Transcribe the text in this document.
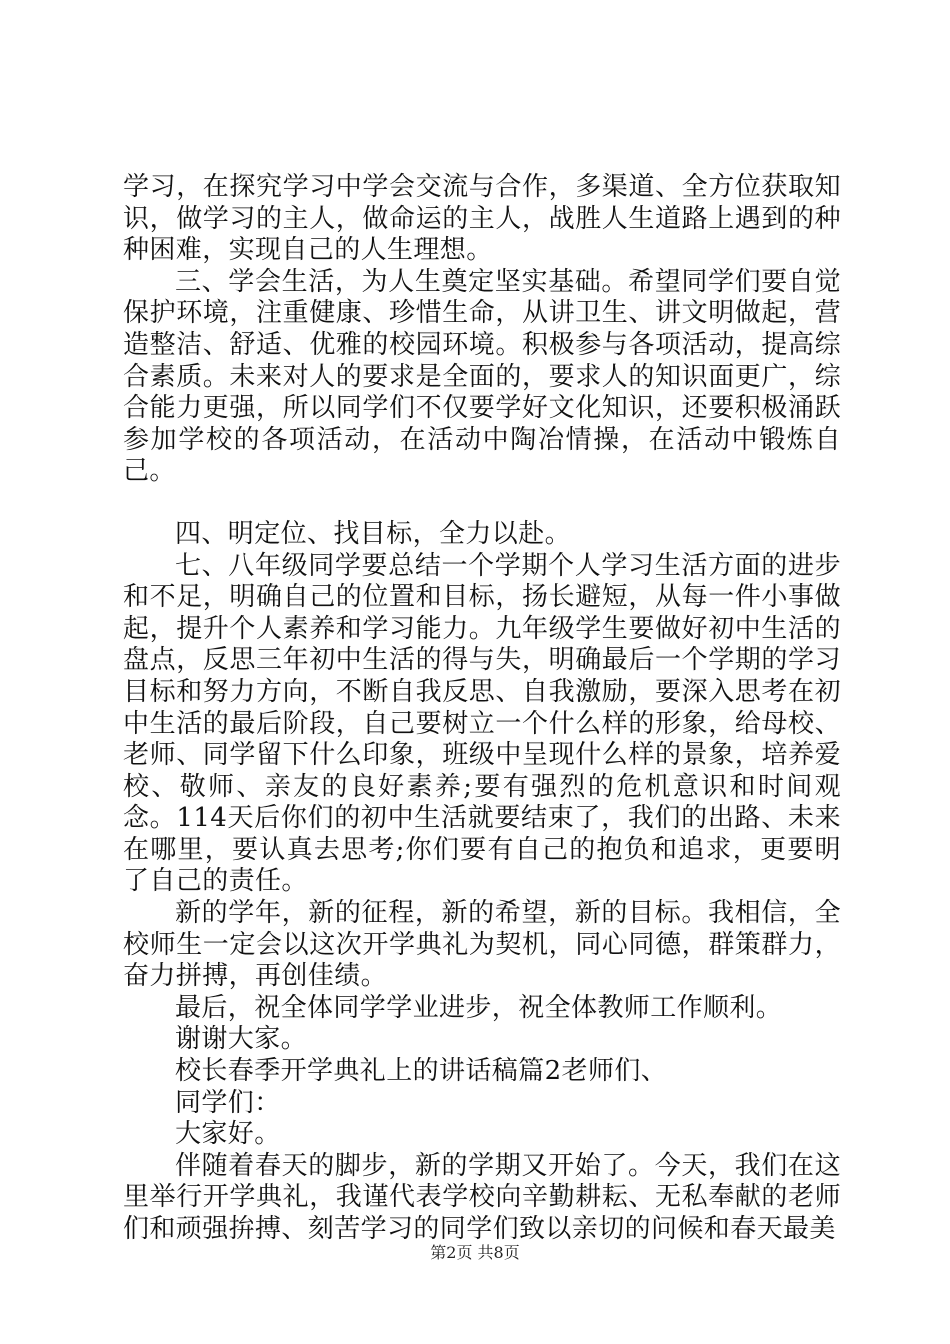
学习，在探究学习中学会交流与合作，多渠道、全方位获取知识，做学习的主人，做命运的主人，战胜人生道路上遇到的种种困难，实现自己的人生理想。

三、学会生活，为人生奠定坚实基础。希望同学们要自觉保护环境，注重健康、珍惜生命，从讲卫生、讲文明做起，营造整洁、舒适、优雅的校园环境。积极参与各项活动，提高综合素质。未来对人的要求是全面的，要求人的知识面更广，综合能力更强，所以同学们不仅要学好文化知识，还要积极涌跃参加学校的各项活动，在活动中陶冶情操，在活动中锻炼自己。

四、明定位、找目标，全力以赴。

七、八年级同学要总结一个学期个人学习生活方面的进步和不足，明确自己的位置和目标，扬长避短，从每一件小事做起，提升个人素养和学习能力。九年级学生要做好初中生活的盘点，反思三年初中生活的得与失，明确最后一个学期的学习目标和努力方向，不断自我反思、自我激励，要深入思考在初中生活的最后阶段，自己要树立一个什么样的形象，给母校、老师、同学留下什么印象，班级中呈现什么样的景象，培养爱校、敬师、亲友的良好素养;要有强烈的危机意识和时间观念。114天后你们的初中生活就要结束了，我们的出路、未来在哪里，要认真去思考;你们要有自己的抱负和追求，更要明了自己的责任。

新的学年，新的征程，新的希望，新的目标。我相信，全校师生一定会以这次开学典礼为契机，同心同德，群策群力，奋力拼搏，再创佳绩。

最后，祝全体同学学业进步，祝全体教师工作顺利。

谢谢大家。

校长春季开学典礼上的讲话稿篇2老师们、

同学们：

大家好。

伴随着春天的脚步，新的学期又开始了。今天，我们在这里举行开学典礼，我谨代表学校向辛勤耕耘、无私奉献的老师们和顽强拚搏、刻苦学习的同学们致以亲切的问候和春天最美

第2页 共8页
